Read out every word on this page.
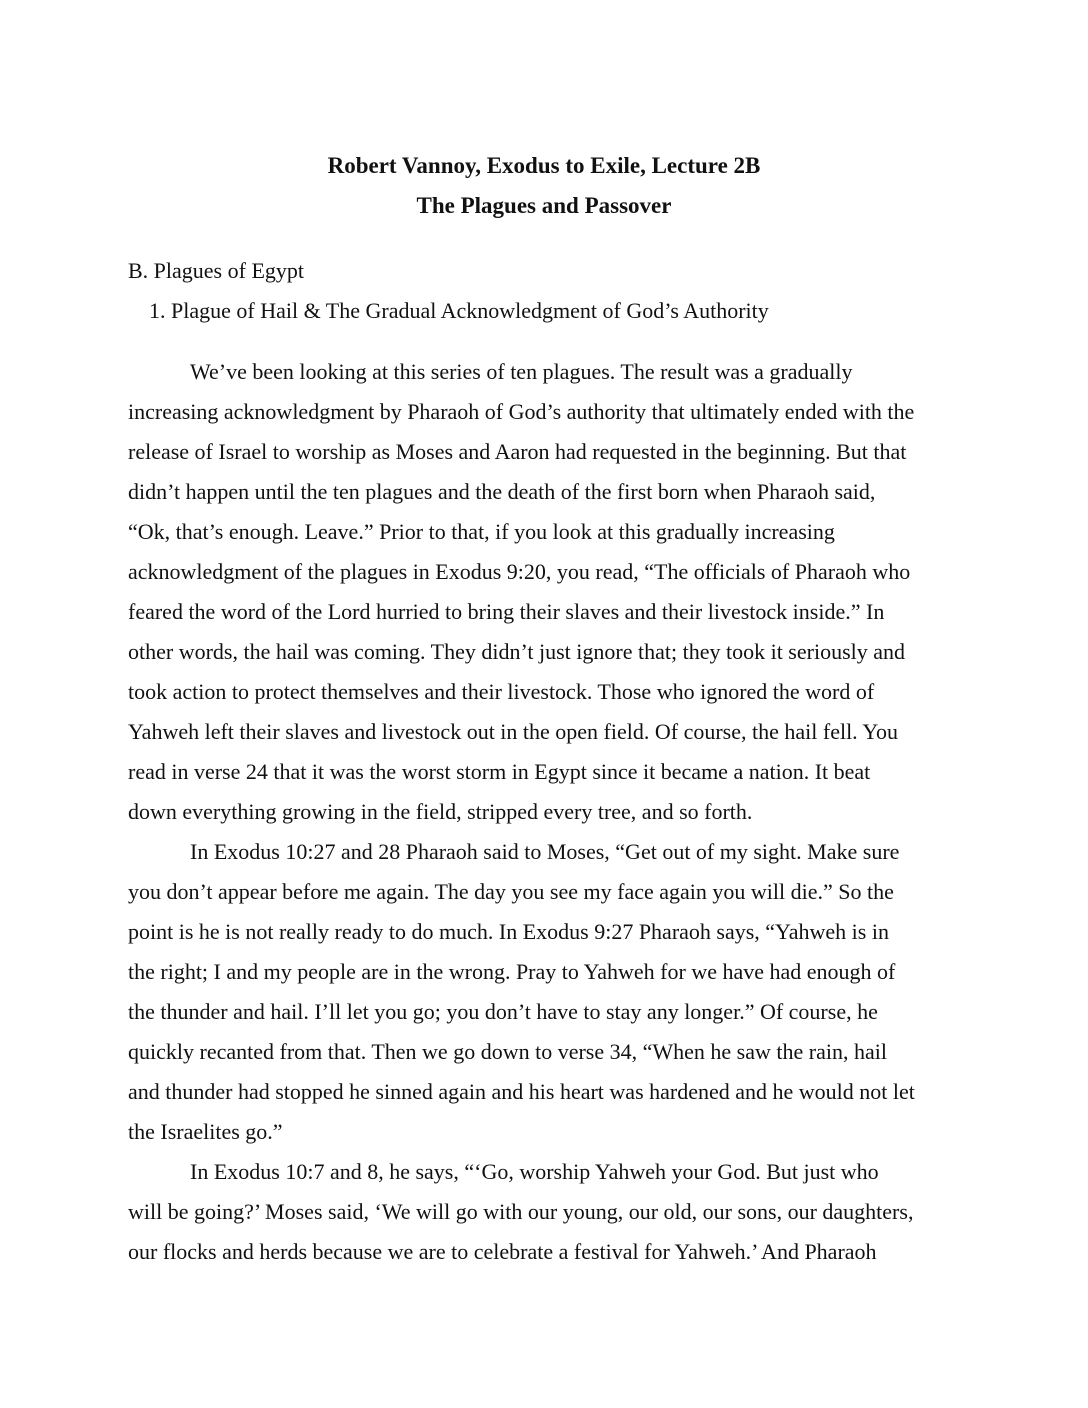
Robert Vannoy, Exodus to Exile, Lecture 2B
The Plagues and Passover
B. Plagues of Egypt
1. Plague of Hail & The Gradual Acknowledgment of God’s Authority
We’ve been looking at this series of ten plagues. The result was a gradually
increasing acknowledgment by Pharaoh of God’s authority that ultimately ended with the
release of Israel to worship as Moses and Aaron had requested in the beginning. But that
didn’t happen until the ten plagues and the death of the first born when Pharaoh said,
“Ok, that’s enough. Leave.” Prior to that, if you look at this gradually increasing
acknowledgment of the plagues in Exodus 9:20, you read, “The officials of Pharaoh who
feared the word of the Lord hurried to bring their slaves and their livestock inside.” In
other words, the hail was coming. They didn’t just ignore that; they took it seriously and
took action to protect themselves and their livestock. Those who ignored the word of
Yahweh left their slaves and livestock out in the open field. Of course, the hail fell. You
read in verse 24 that it was the worst storm in Egypt since it became a nation. It beat
down everything growing in the field, stripped every tree, and so forth.
In Exodus 10:27 and 28 Pharaoh said to Moses, “Get out of my sight. Make sure
you don’t appear before me again. The day you see my face again you will die.” So the
point is he is not really ready to do much. In Exodus 9:27 Pharaoh says, “Yahweh is in
the right; I and my people are in the wrong. Pray to Yahweh for we have had enough of
the thunder and hail. I’ll let you go; you don’t have to stay any longer.” Of course, he
quickly recanted from that. Then we go down to verse 34, “When he saw the rain, hail
and thunder had stopped he sinned again and his heart was hardened and he would not let
the Israelites go.”
In Exodus 10:7 and 8, he says, “‘Go, worship Yahweh your God. But just who
will be going?’ Moses said, ‘We will go with our young, our old, our sons, our daughters,
our flocks and herds because we are to celebrate a festival for Yahweh.’ And Pharaoh
